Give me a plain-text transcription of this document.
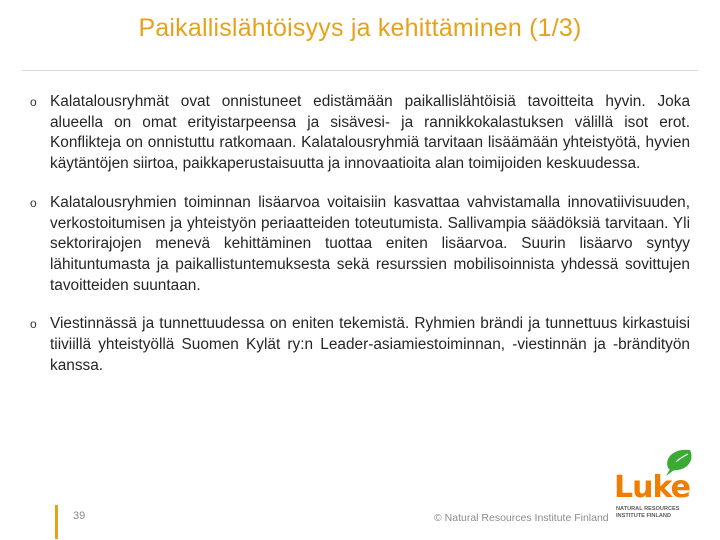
Paikallislähtöisyys ja kehittäminen (1/3)
o Kalatalousryhmät ovat onnistuneet edistämään paikallislähtöisiä tavoitteita hyvin. Joka alueella on omat erityistarpeensa ja sisävesi- ja rannikkokalastuksen välillä isot erot. Konflikteja on onnistuttu ratkomaan. Kalatalousryhmiä tarvitaan lisäämään yhteistyötä, hyvien käytäntöjen siirtoa, paikkaperustaisuutta ja innovaatioita alan toimijoiden keskuudessa.

o Kalatalousryhmien toiminnan lisäarvoa voitaisiin kasvattaa vahvistamalla innovatiivisuuden, verkostoitumisen ja yhteistyön periaatteiden toteutumista. Sallivampia säädöksiä tarvitaan. Yli sektorirajojen menevä kehittäminen tuottaa eniten lisäarvoa. Suurin lisäarvo syntyy lähituntumasta ja paikallistuntemuksesta sekä resurssien mobilisoinnista yhdessä sovittujen tavoitteiden suuntaan.

o Viestinnässä ja tunnettuudessa on eniten tekemistä. Ryhmien brändi ja tunnettuus kirkastuisi tiiviillä yhteistyöllä Suomen Kylät ry:n Leader-asiamiestoiminnan, -viestinnän ja -brändityön kanssa.

39	© Natural Resources Institute Finland
Luke
NATURAL RESOURCES
INSTITUTE FINLAND
